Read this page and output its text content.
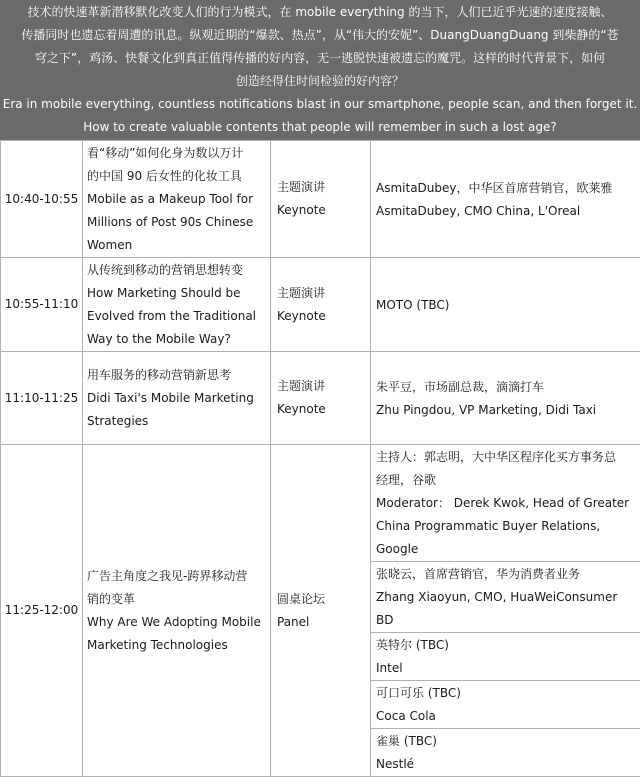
技术的快速革新潜移默化改变人们的行为模式，在 mobile everything 的当下，人们已近乎光速的速度接触、
传播同时也遗忘着周遭的讯息。纵观近期的“爆款、热点”，从“伟大的安妮”、DuangDuangDuang 到柴静的“苍
穹之下”，鸡汤、快餐文化到真正值得传播的好内容，无一逃脱快速被遗忘的魔咒。这样的时代背景下，如何
创造经得住时间检验的好内容？
Era in mobile everything, countless notifications blast in our smartphone, people scan, and then forget it.
How to create valuable contents that people will remember in such a lost age?
10:40-10:55	看“移动”如何化身为数以万计
的中国 90 后女性的化妆工具
Mobile as a Makeup Tool for
Millions of Post 90s Chinese
Women	主题演讲
Keynote	AsmitaDubey，中华区首席营销官，欧莱雅
AsmitaDubey, CMO China, L'Oreal

10:55-11:10	从传统到移动的营销思想转变
How Marketing Should be
Evolved from the Traditional
Way to the Mobile Way?	主题演讲
Keynote	MOTO (TBC)

11:10-11:25	用车服务的移动营销新思考
Didi Taxi's Mobile Marketing
Strategies	主题演讲
Keynote	朱平豆，市场副总裁，滴滴打车
Zhu Pingdou, VP Marketing, Didi Taxi

11:25-12:00	广告主角度之我见-跨界移动营
销的变革
Why Are We Adopting Mobile
Marketing Technologies	圆桌论坛
Panel	主持人：郭志明，大中华区程序化买方事务总
经理，谷歌
Moderator： Derek Kwok, Head of Greater
China Programmatic Buyer Relations,
Google

			张晓云，首席营销官，华为消费者业务
Zhang Xiaoyun, CMO, HuaWeiConsumer
BD

			英特尔 (TBC)
Intel

			可口可乐 (TBC)
Coca Cola

			雀巢 (TBC)
Nestlé
